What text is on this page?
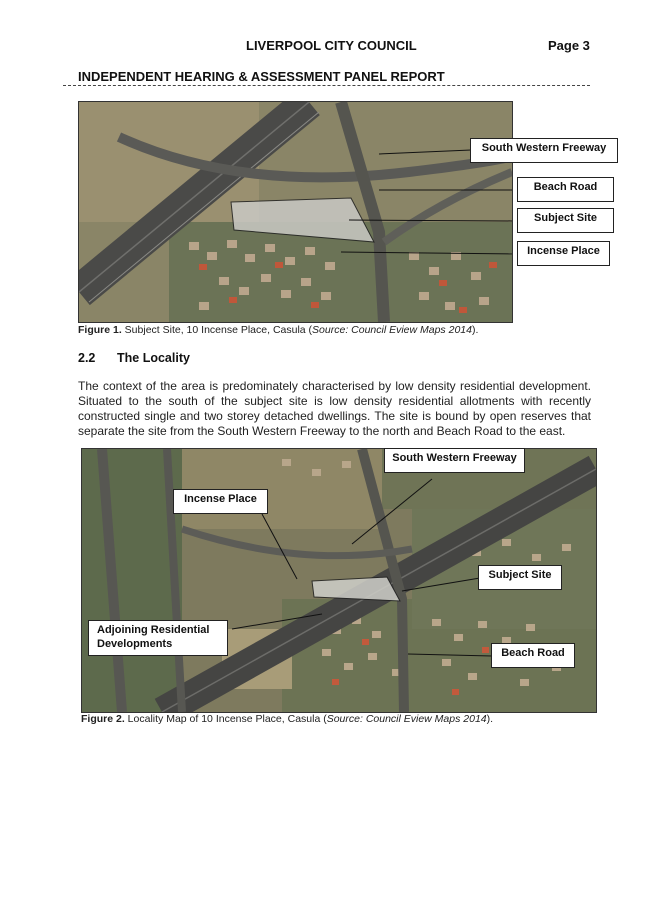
LIVERPOOL CITY COUNCIL	Page 3
INDEPENDENT HEARING & ASSESSMENT PANEL REPORT
South Western Freeway
Beach Road
Subject Site
Incense Place
Figure 1. Subject Site, 10 Incense Place, Casula (Source: Council Eview Maps 2014).
2.2 The Locality
The context of the area is predominately characterised by low density residential development. Situated to the south of the subject site is low density residential allotments with recently constructed single and two storey detached dwellings. The site is bound by open reserves that separate the site from the South Western Freeway to the north and Beach Road to the east.
South Western Freeway
Incense Place
Subject Site
Adjoining Residential
Developments
Beach Road
Figure 2. Locality Map of 10 Incense Place, Casula (Source: Council Eview Maps 2014).
